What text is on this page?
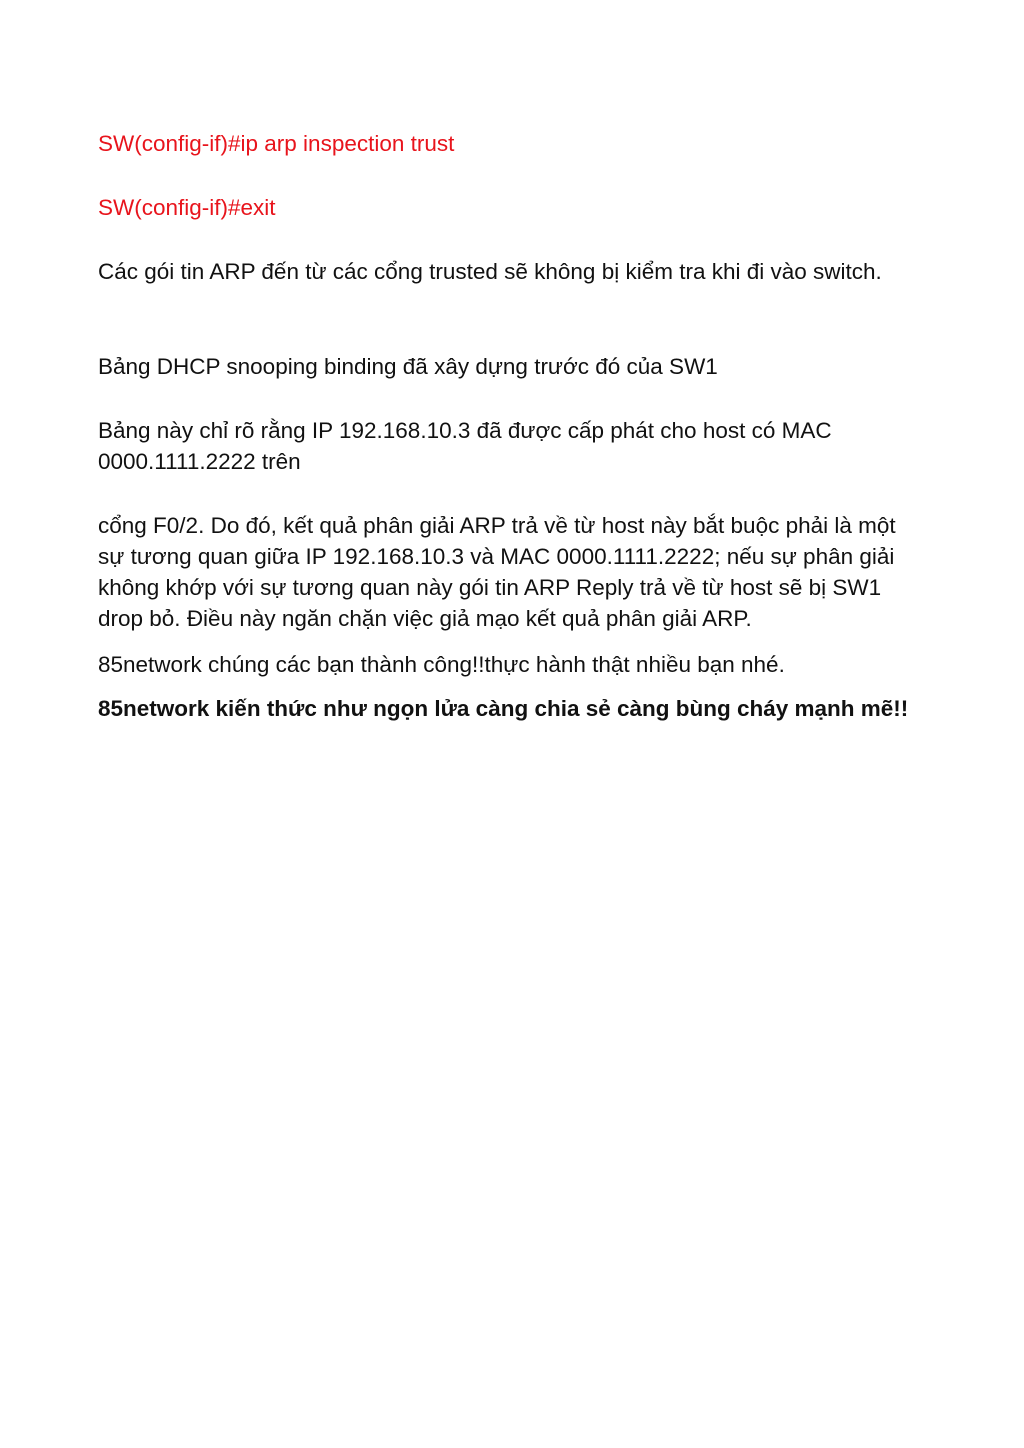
SW(config-if)#ip arp inspection trust

SW(config-if)#exit

Các gói tin ARP đến từ các cổng trusted sẽ không bị kiểm tra khi đi vào switch.

Bảng DHCP snooping binding đã xây dựng trước đó của SW1

Bảng này chỉ rõ rằng IP 192.168.10.3 đã được cấp phát cho host có MAC 0000.1111.2222 trên

cổng F0/2. Do đó, kết quả phân giải ARP trả về từ host này bắt buộc phải là một sự tương quan giữa IP 192.168.10.3 và MAC 0000.1111.2222; nếu sự phân giải không khớp với sự tương quan này gói tin ARP Reply trả về từ host sẽ bị SW1 drop bỏ. Điều này ngăn chặn việc giả mạo kết quả phân giải ARP.

85network chúng các bạn thành công!!thực hành thật nhiều bạn nhé.

85network kiến thức như ngọn lửa càng chia sẻ càng bùng cháy mạnh mẽ!!
